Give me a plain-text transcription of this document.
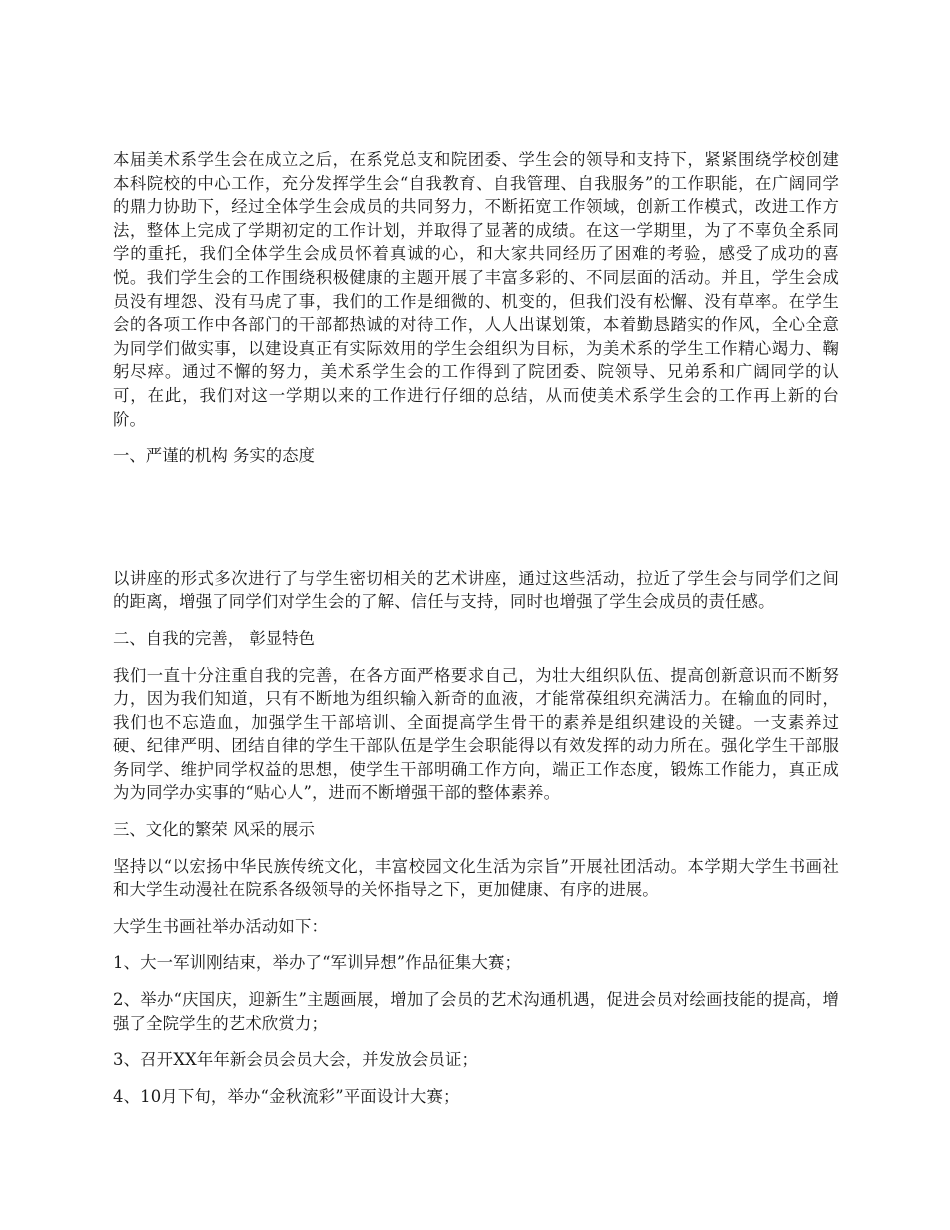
本届美术系学生会在成立之后，在系党总支和院团委、学生会的领导和支持下，紧紧围绕学校创建本科院校的中心工作，充分发挥学生会“自我教育、自我管理、自我服务”的工作职能，在广阔同学的鼎力协助下，经过全体学生会成员的共同努力，不断拓宽工作领域，创新工作模式，改进工作方法，整体上完成了学期初定的工作计划，并取得了显著的成绩。在这一学期里，为了不辜负全系同学的重托，我们全体学生会成员怀着真诚的心，和大家共同经历了困难的考验，感受了成功的喜悦。我们学生会的工作围绕积极健康的主题开展了丰富多彩的、不同层面的活动。并且，学生会成员没有埋怨、没有马虎了事，我们的工作是细微的、机变的，但我们没有松懈、没有草率。在学生会的各项工作中各部门的干部都热诚的对待工作，人人出谋划策，本着勤恳踏实的作风，全心全意为同学们做实事，以建设真正有实际效用的学生会组织为目标，为美术系的学生工作精心竭力、鞠躬尽瘁。通过不懈的努力，美术系学生会的工作得到了院团委、院领导、兄弟系和广阔同学的认可，在此，我们对这一学期以来的工作进行仔细的总结，从而使美术系学生会的工作再上新的台阶。

一、严谨的机构 务实的态度

以讲座的形式多次进行了与学生密切相关的艺术讲座，通过这些活动，拉近了学生会与同学们之间的距离，增强了同学们对学生会的了解、信任与支持，同时也增强了学生会成员的责任感。

二、自我的完善， 彰显特色

我们一直十分注重自我的完善，在各方面严格要求自己，为壮大组织队伍、提高创新意识而不断努力，因为我们知道，只有不断地为组织输入新奇的血液，才能常葆组织充满活力。在输血的同时，我们也不忘造血，加强学生干部培训、全面提高学生骨干的素养是组织建设的关键。一支素养过硬、纪律严明、团结自律的学生干部队伍是学生会职能得以有效发挥的动力所在。强化学生干部服务同学、维护同学权益的思想，使学生干部明确工作方向，端正工作态度，锻炼工作能力，真正成为为同学办实事的“贴心人”，进而不断增强干部的整体素养。

三、文化的繁荣 风采的展示

坚持以“以宏扬中华民族传统文化，丰富校园文化生活为宗旨”开展社团活动。本学期大学生书画社和大学生动漫社在院系各级领导的关怀指导之下，更加健康、有序的进展。

大学生书画社举办活动如下：

1、大一军训刚结束，举办了“军训异想”作品征集大赛；

2、举办“庆国庆，迎新生”主题画展，增加了会员的艺术沟通机遇，促进会员对绘画技能的提高，增强了全院学生的艺术欣赏力；

3、召开XX年年新会员会员大会，并发放会员证；

4、10月下旬，举办“金秋流彩”平面设计大赛；
